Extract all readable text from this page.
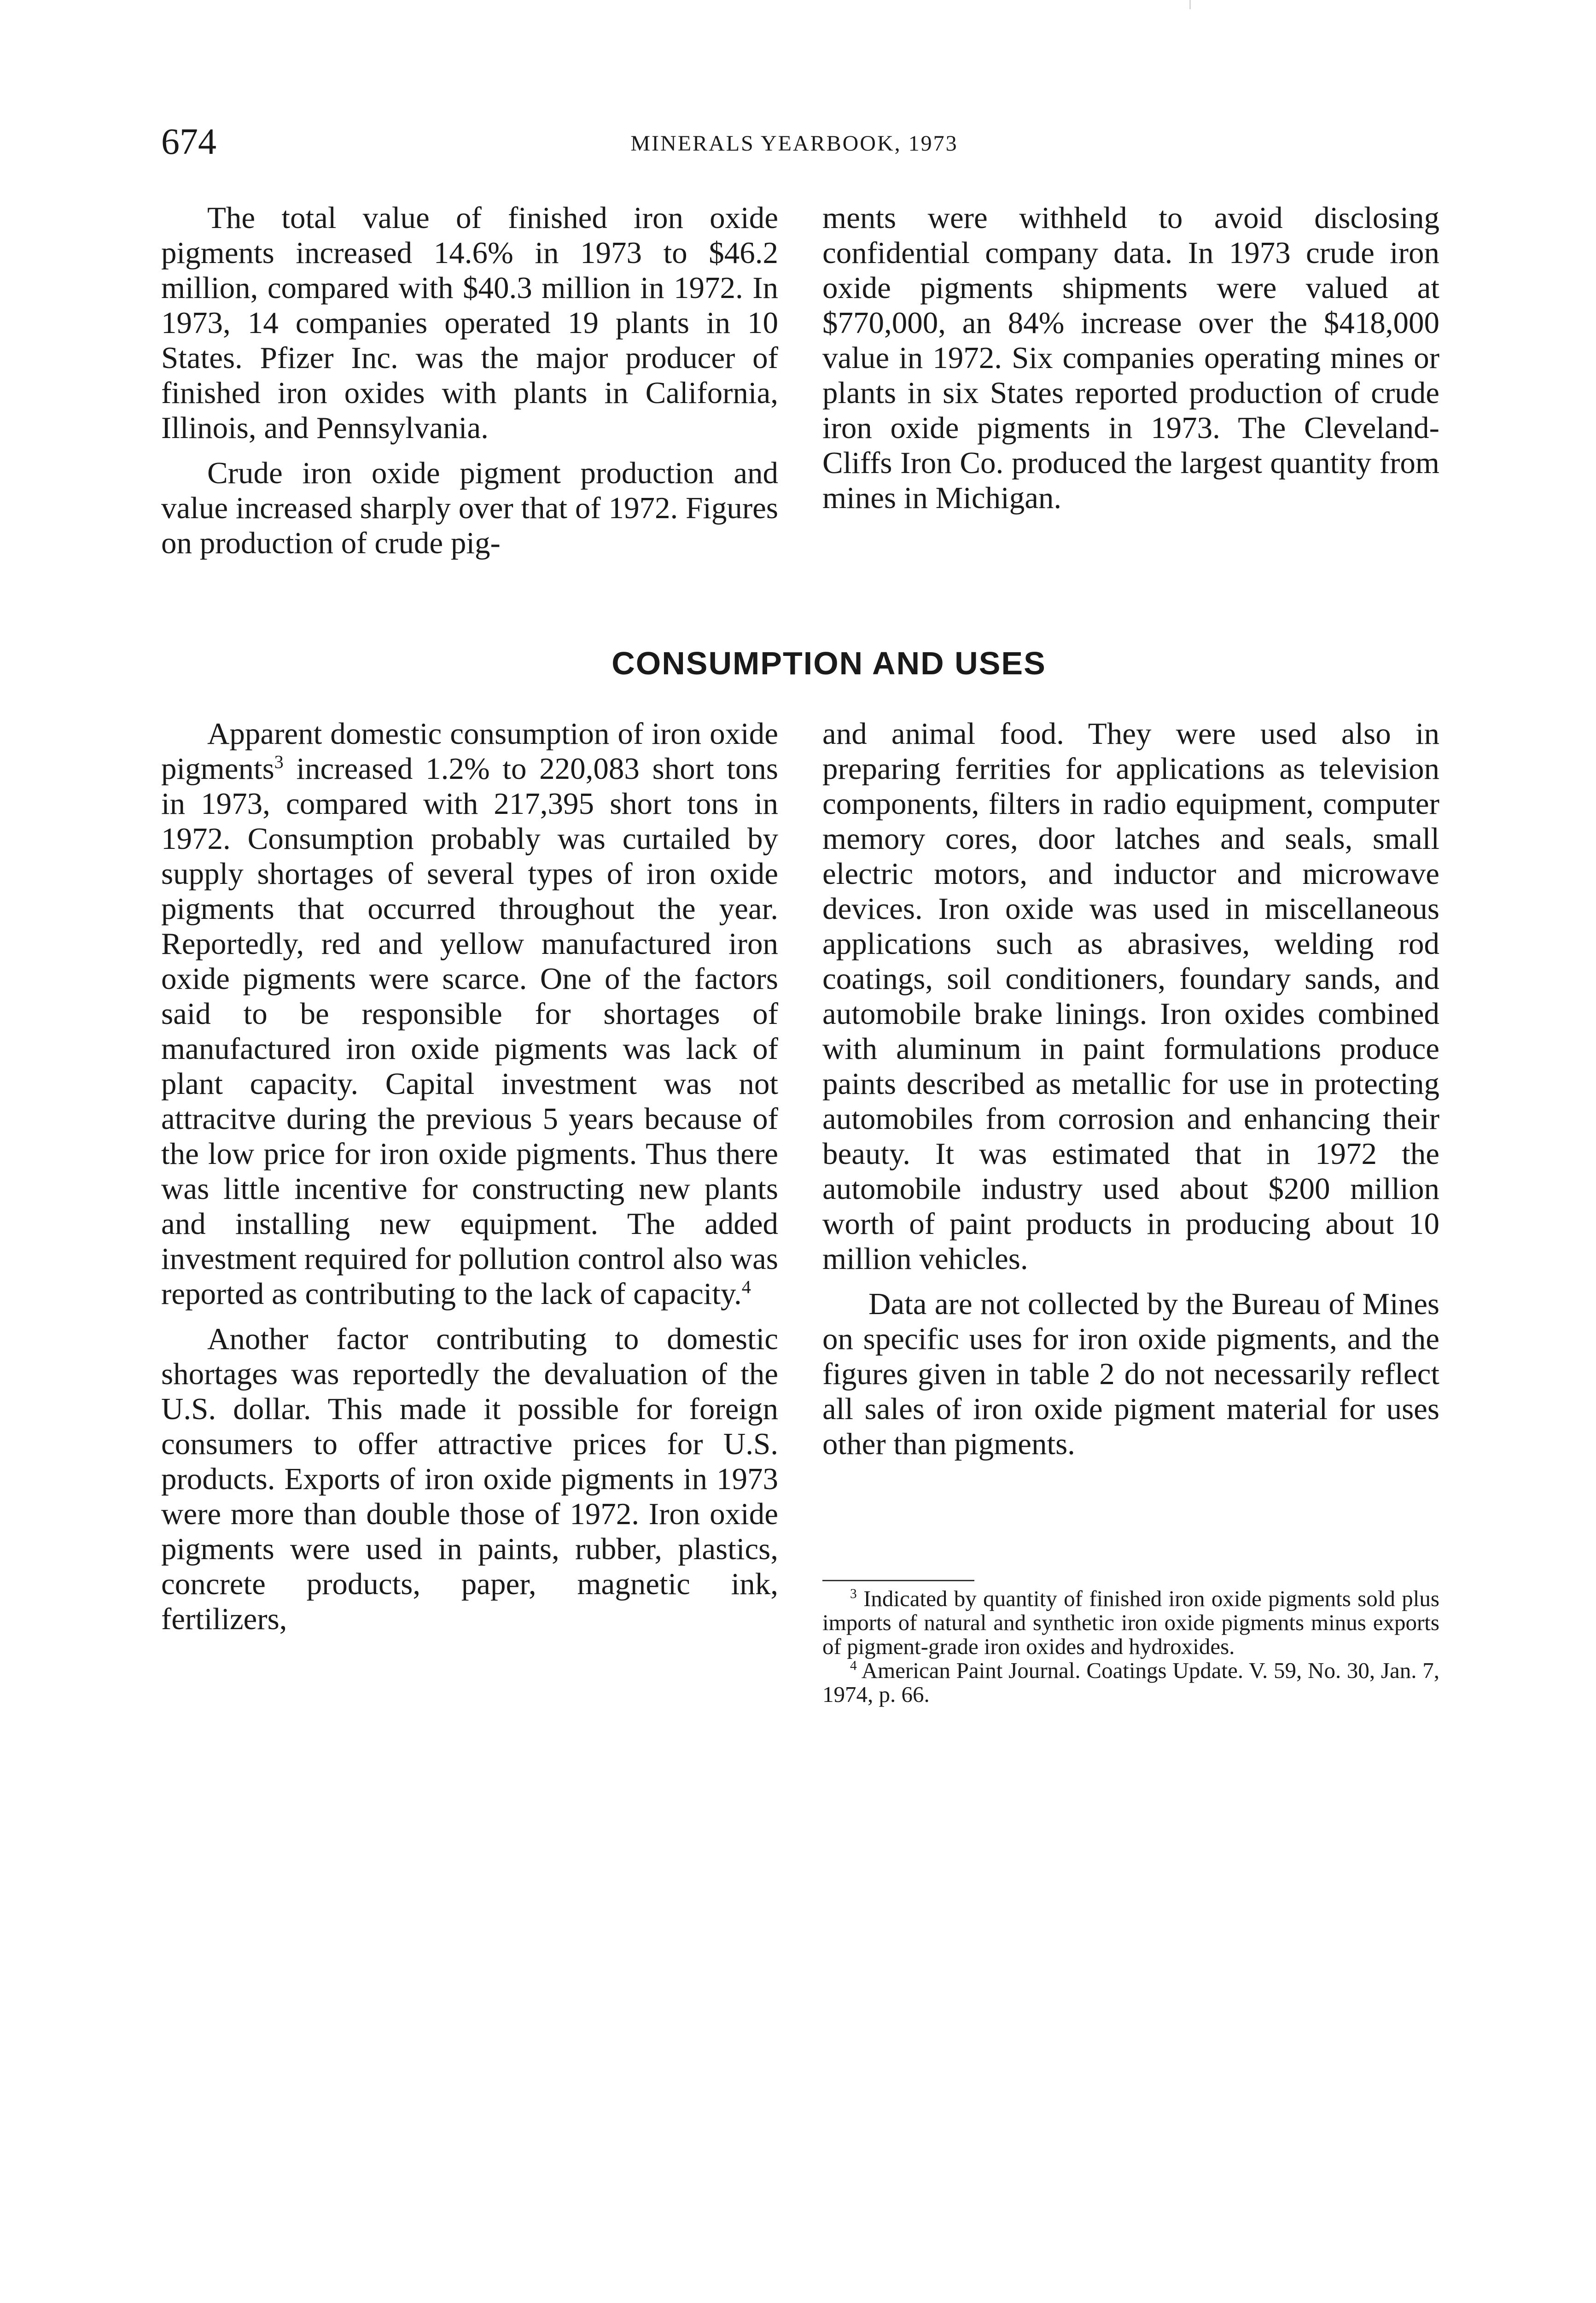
674	MINERALS YEARBOOK, 1973

The total value of finished iron oxide pigments increased 14.6% in 1973 to $46.2 million, compared with $40.3 million in 1972. In 1973, 14 companies operated 19 plants in 10 States. Pfizer Inc. was the major producer of finished iron oxides with plants in California, Illinois, and Pennsylvania.

Crude iron oxide pigment production and value increased sharply over that of 1972. Figures on production of crude pig-

ments were withheld to avoid disclosing confidential company data. In 1973 crude iron oxide pigments shipments were valued at $770,000, an 84% increase over the $418,000 value in 1972. Six companies operating mines or plants in six States reported production of crude iron oxide pigments in 1973. The Cleveland-Cliffs Iron Co. produced the largest quantity from mines in Michigan.

CONSUMPTION AND USES

Apparent domestic consumption of iron oxide pigments$^3$ increased 1.2% to 220,083 short tons in 1973, compared with 217,395 short tons in 1972. Consumption probably was curtailed by supply shortages of several types of iron oxide pigments that occurred throughout the year. Reportedly, red and yellow manufactured iron oxide pigments were scarce. One of the factors said to be responsible for shortages of manufactured iron oxide pigments was lack of plant capacity. Capital investment was not attracitve during the previous 5 years because of the low price for iron oxide pigments. Thus there was little incentive for constructing new plants and installing new equipment. The added investment required for pollution control also was reported as contributing to the lack of capacity.$^4$

Another factor contributing to domestic shortages was reportedly the devaluation of the U.S. dollar. This made it possible for foreign consumers to offer attractive prices for U.S. products. Exports of iron oxide pigments in 1973 were more than double those of 1972. Iron oxide pigments were used in paints, rubber, plastics, concrete products, paper, magnetic ink, fertilizers,

and animal food. They were used also in preparing ferrities for applications as television components, filters in radio equipment, computer memory cores, door latches and seals, small electric motors, and inductor and microwave devices. Iron oxide was used in miscellaneous applications such as abrasives, welding rod coatings, soil conditioners, foundary sands, and automobile brake linings. Iron oxides combined with aluminum in paint formulations produce paints described as metallic for use in protecting automobiles from corrosion and enhancing their beauty. It was estimated that in 1972 the automobile industry used about $200 million worth of paint products in producing about 10 million vehicles.

Data are not collected by the Bureau of Mines on specific uses for iron oxide pigments, and the figures given in table 2 do not necessarily reflect all sales of iron oxide pigment material for uses other than pigments.

$^3$ Indicated by quantity of finished iron oxide pigments sold plus imports of natural and synthetic iron oxide pigments minus exports of pigment-grade iron oxides and hydroxides.

$^4$ American Paint Journal. Coatings Update. V. 59, No. 30, Jan. 7, 1974, p. 66.
